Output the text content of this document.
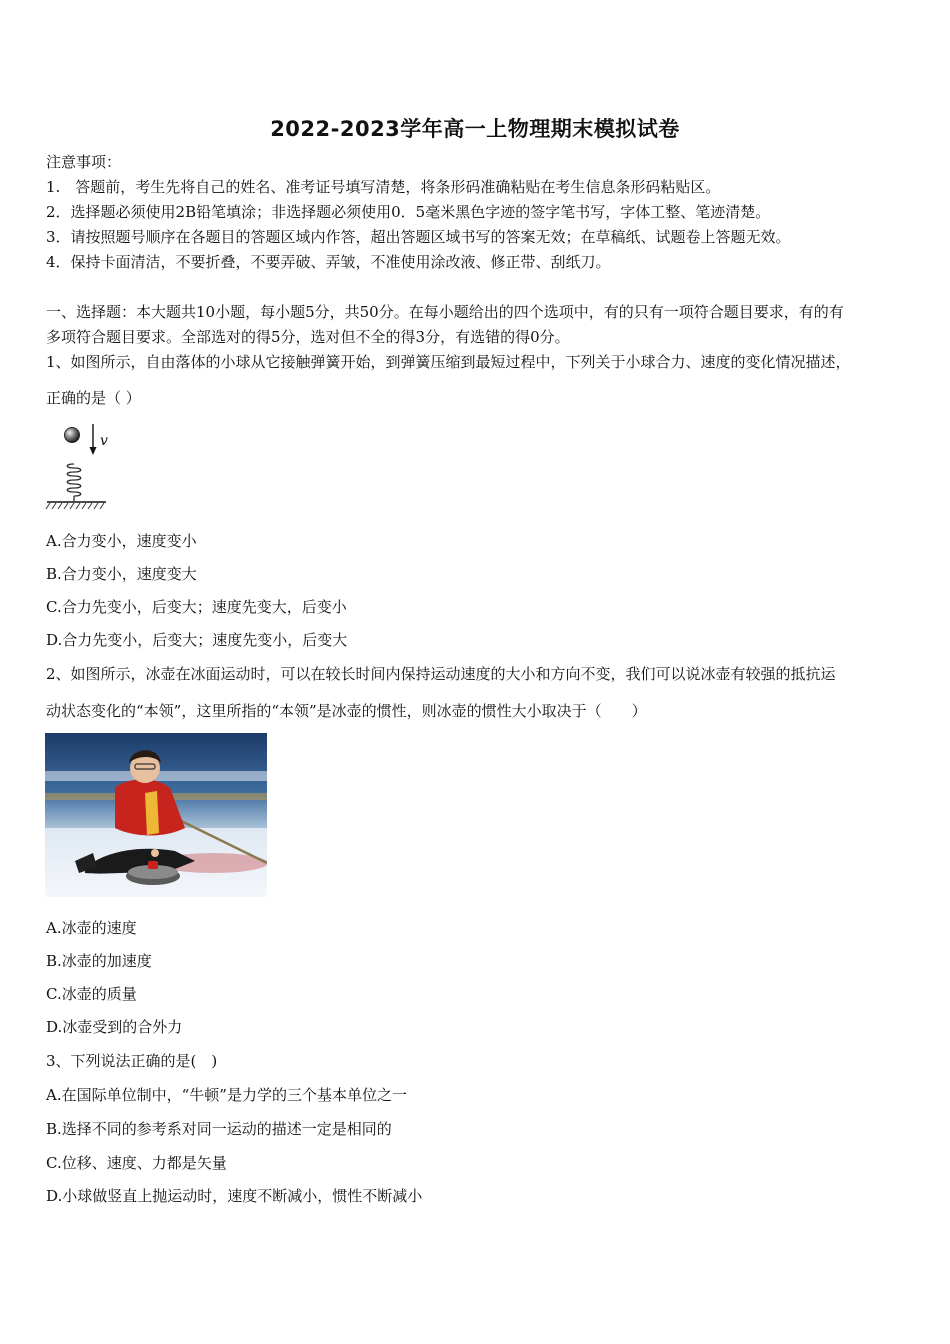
2022-2023学年高一上物理期末模拟试卷
注意事项：
1.　答题前，考生先将自己的姓名、准考证号填写清楚，将条形码准确粘贴在考生信息条形码粘贴区。
2．选择题必须使用2B铅笔填涂；非选择题必须使用0．5毫米黑色字迹的签字笔书写，字体工整、笔迹清楚。
3．请按照题号顺序在各题目的答题区域内作答，超出答题区域书写的答案无效；在草稿纸、试题卷上答题无效。
4．保持卡面清洁，不要折叠，不要弄破、弄皱，不准使用涂改液、修正带、刮纸刀。
一、选择题：本大题共10小题，每小题5分，共50分。在每小题给出的四个选项中，有的只有一项符合题目要求，有的有
多项符合题目要求。全部选对的得5分，选对但不全的得3分，有选错的得0分。
1、如图所示，自由落体的小球从它接触弹簧开始，到弹簧压缩到最短过程中，下列关于小球合力、速度的变化情况描述，
正确的是（ ）
v
A.合力变小，速度变小
B.合力变小，速度变大
C.合力先变小，后变大；速度先变大，后变小
D.合力先变小，后变大；速度先变小，后变大
2、如图所示，冰壶在冰面运动时，可以在较长时间内保持运动速度的大小和方向不变，我们可以说冰壶有较强的抵抗运
动状态变化的“本领”，这里所指的“本领”是冰壶的惯性，则冰壶的惯性大小取决于（　　）
A.冰壶的速度
B.冰壶的加速度
C.冰壶的质量
D.冰壶受到的合外力
3、下列说法正确的是(　)
A.在国际单位制中，“牛顿”是力学的三个基本单位之一
B.选择不同的参考系对同一运动的描述一定是相同的
C.位移、速度、力都是矢量
D.小球做竖直上抛运动时，速度不断减小，惯性不断减小
